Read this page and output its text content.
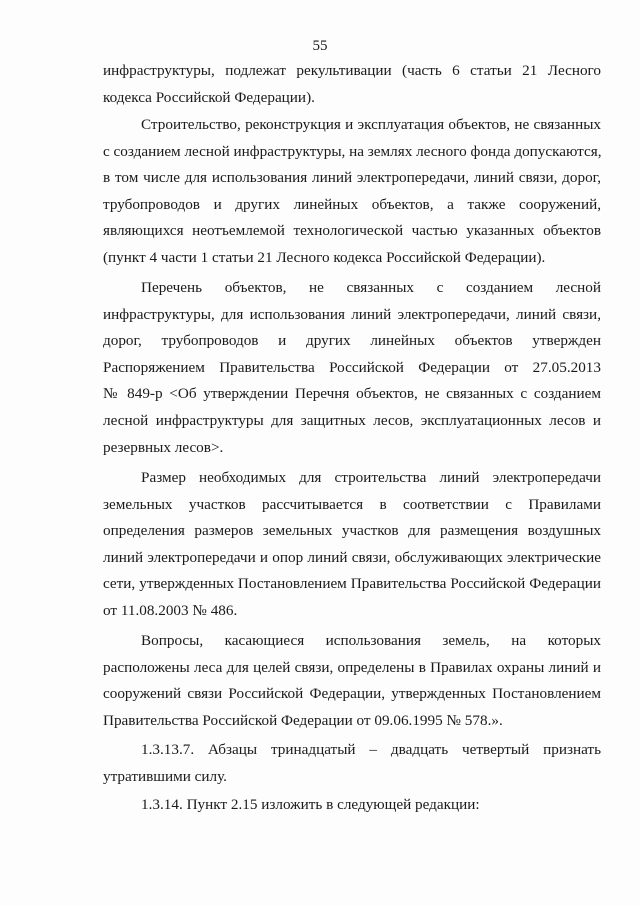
55
инфраструктуры, подлежат рекультивации (часть 6 статьи 21 Лесного
кодекса Российской Федерации).
Строительство, реконструкция и эксплуатация объектов, не связанных
с созданием лесной инфраструктуры, на землях лесного фонда допускаются,
в том числе для использования линий электропередачи, линий связи, дорог,
трубопроводов и других линейных объектов, а также сооружений,
являющихся неотъемлемой технологической частью указанных объектов
(пункт 4 части 1 статьи 21 Лесного кодекса Российской Федерации).
Перечень объектов, не связанных с созданием лесной
инфраструктуры, для использования линий электропередачи, линий связи,
дорог, трубопроводов и других линейных объектов утвержден
Распоряжением Правительства Российской Федерации от 27.05.2013
№ 849-р <Об утверждении Перечня объектов, не связанных с созданием
лесной инфраструктуры для защитных лесов, эксплуатационных лесов и
резервных лесов>.
Размер необходимых для строительства линий электропередачи
земельных участков рассчитывается в соответствии с Правилами
определения размеров земельных участков для размещения воздушных
линий электропередачи и опор линий связи, обслуживающих электрические
сети, утвержденных Постановлением Правительства Российской Федерации
от 11.08.2003 № 486.
Вопросы, касающиеся использования земель, на которых
расположены леса для целей связи, определены в Правилах охраны линий и
сооружений связи Российской Федерации, утвержденных Постановлением
Правительства Российской Федерации от 09.06.1995 № 578.».
1.3.13.7. Абзацы тринадцатый – двадцать четвертый признать
утратившими силу.
1.3.14. Пункт 2.15 изложить в следующей редакции:
